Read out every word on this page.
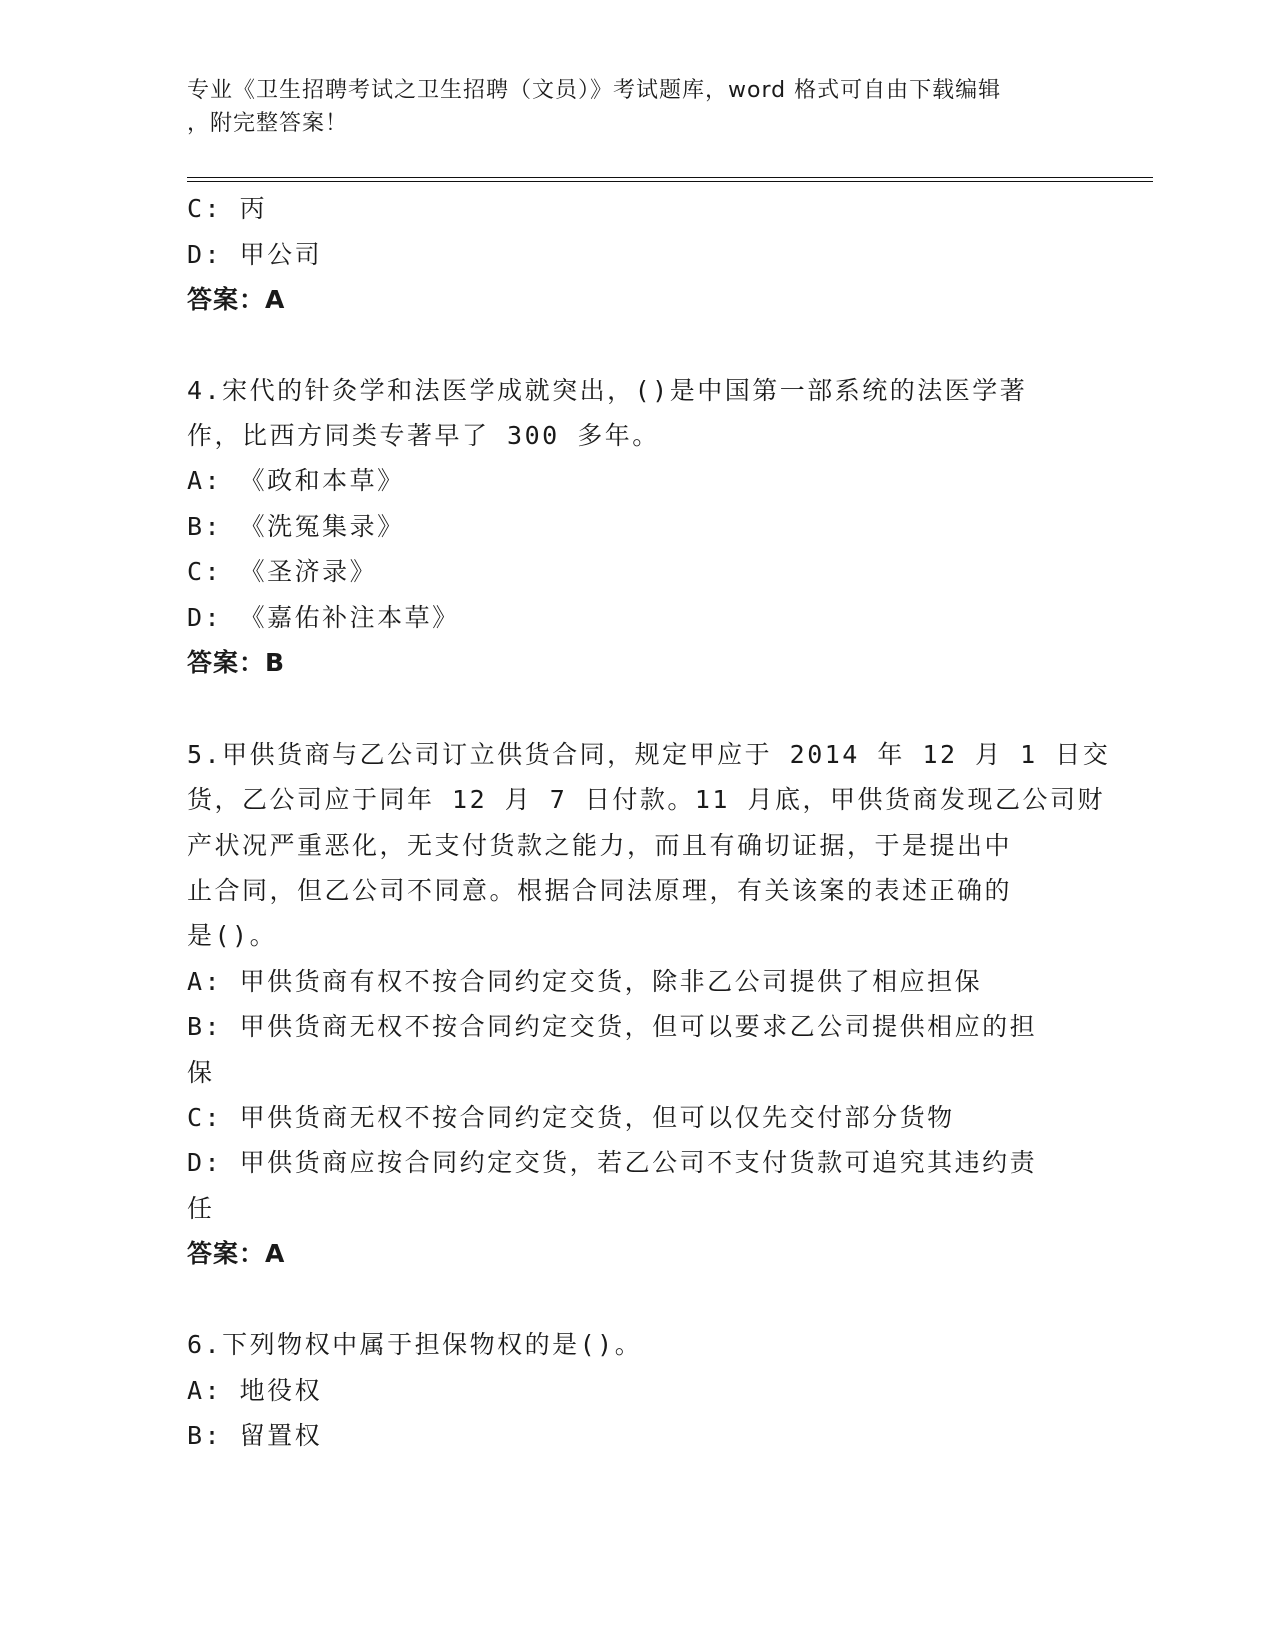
专业《卫生招聘考试之卫生招聘（文员）》考试题库，word 格式可自由下载编辑
，附完整答案！
C: 丙
D: 甲公司
答案：A
4.宋代的针灸学和法医学成就突出，()是中国第一部系统的法医学著
作，比西方同类专著早了 300 多年。
A: 《政和本草》
B: 《洗冤集录》
C: 《圣济录》
D: 《嘉佑补注本草》
答案：B
5.甲供货商与乙公司订立供货合同，规定甲应于 2014 年 12 月 1 日交
货，乙公司应于同年 12 月 7 日付款。11 月底，甲供货商发现乙公司财
产状况严重恶化，无支付货款之能力，而且有确切证据，于是提出中
止合同，但乙公司不同意。根据合同法原理，有关该案的表述正确的
是()。
A: 甲供货商有权不按合同约定交货，除非乙公司提供了相应担保
B: 甲供货商无权不按合同约定交货，但可以要求乙公司提供相应的担
保
C: 甲供货商无权不按合同约定交货，但可以仅先交付部分货物
D: 甲供货商应按合同约定交货，若乙公司不支付货款可追究其违约责
任
答案：A
6.下列物权中属于担保物权的是()。
A: 地役权
B: 留置权
